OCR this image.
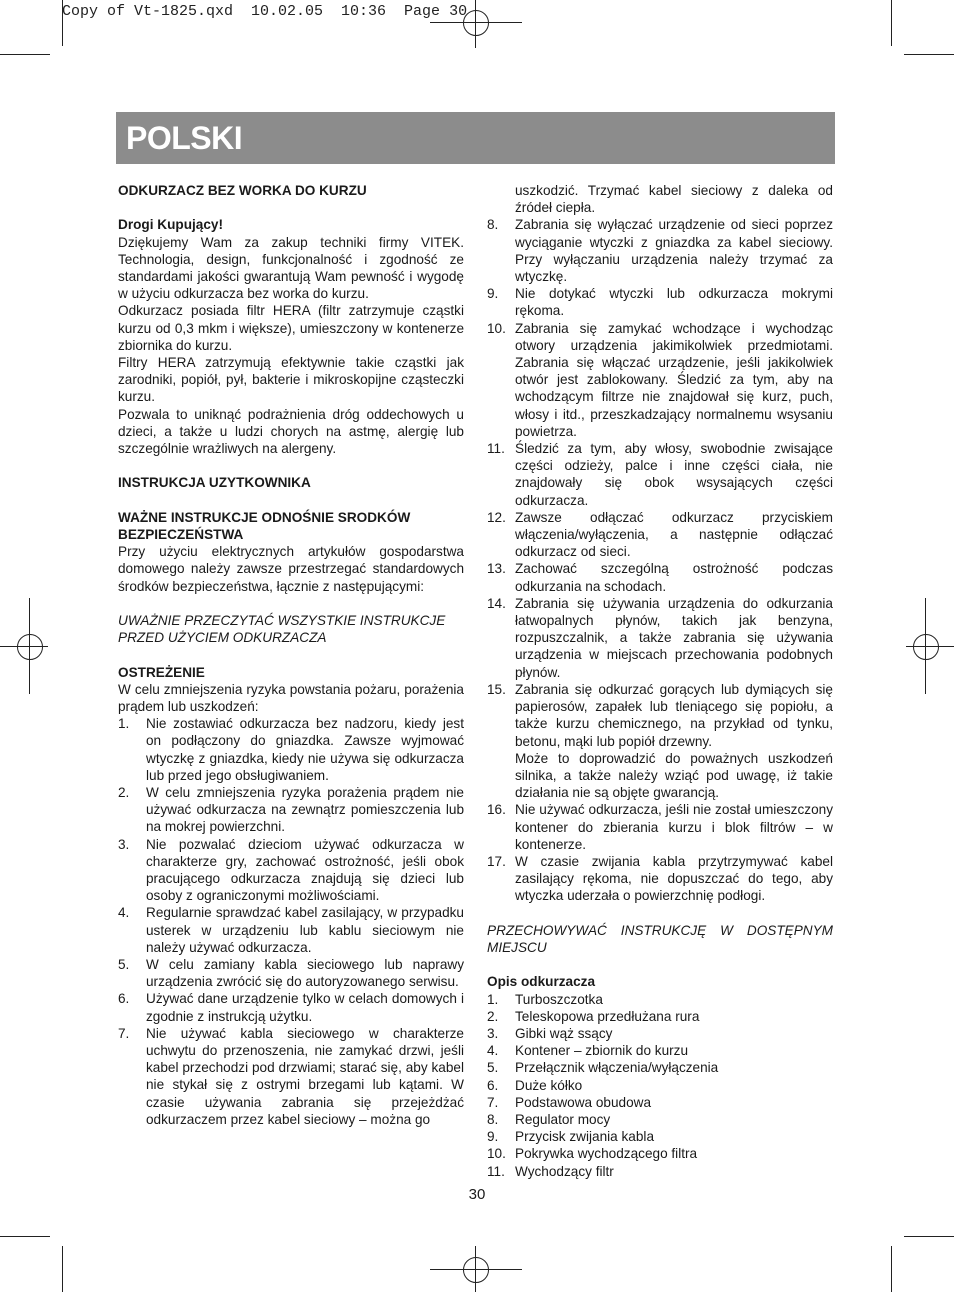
Copy of Vt-1825.qxd  10.02.05  10:36  Page 30
POLSKI

ODKURZACZ BEZ WORKA DO KURZU

Drogi Kupujący!

Dziękujemy Wam za zakup techniki firmy VITEK. Technologia, design, funkcjonalność i zgodność ze standardami jakości gwarantują Wam pewność i wygodę w użyciu odkurzacza bez worka do kurzu.

Odkurzacz posiada filtr HERA (filtr zatrzymuje cząstki kurzu od 0,3 mkm i większe), umieszczony w kontenerze zbiornika do kurzu.

Filtry HERA zatrzymują efektywnie takie cząstki jak zarodniki, popiół, pył, bakterie i mikroskopijne cząsteczki kurzu.

Pozwala to uniknąć podrażnienia dróg oddechowych u dzieci, a także u ludzi chorych na astmę, alergię lub szczególnie wrażliwych na alergeny.

INSTRUKCJA UZYTKOWNIKA

WAŻNE INSTRUKCJE ODNOŚNIE SRODKÓW BEZPIECZEŃSTWA

Przy użyciu elektrycznych artykułów gospodarstwa domowego należy zawsze przestrzegać standardowych środków bezpieczeństwa, łącznie z następującymi:

UWAŻNIE PRZECZYTAĆ WSZYSTKIE INSTRUKCJE PRZED UŻYCIEM ODKURZACZA

OSTREŻENIE

W celu zmniejszenia ryzyka powstania pożaru, porażenia prądem lub uszkodzeń:

1. Nie zostawiać odkurzacza bez nadzoru, kiedy jest on podłączony do gniazdka. Zawsze wyjmować wtyczkę z gniazdka, kiedy nie używa się odkurzacza lub przed jego obsługiwaniem.
2. W celu zmniejszenia ryzyka porażenia prądem nie używać odkurzacza na zewnątrz pomieszczenia lub na mokrej powierzchni.
3. Nie pozwalać dzieciom używać odkurzacza w charakterze gry, zachować ostrożność, jeśli obok pracującego odkurzacza znajdują się dzieci lub osoby z ograniczonymi możliwościami.
4. Regularnie sprawdzać kabel zasilający, w przypadku usterek w urządzeniu lub kablu sieciowym nie należy używać odkurzacza.
5. W celu zamiany kabla sieciowego lub naprawy urządzenia zwrócić się do autoryzowanego serwisu.
6. Używać dane urządzenie tylko w celach domowych i zgodnie z instrukcją użytku.
7. Nie używać kabla sieciowego w charakterze uchwytu do przenoszenia, nie zamykać drzwi, jeśli kabel przechodzi pod drzwiami; starać się, aby kabel nie stykał się z ostrymi brzegami lub kątami. W czasie używania zabrania się przejeżdżać odkurzaczem przez kabel sieciowy – można go
uszkodzić. Trzymać kabel sieciowy z daleka od źródeł ciepła.
8. Zabrania się wyłączać urządzenie od sieci poprzez wyciąganie wtyczki z gniazdka za kabel sieciowy. Przy wyłączaniu urządzenia należy trzymać za wtyczkę.
9. Nie dotykać wtyczki lub odkurzacza mokrymi rękoma.
10. Zabrania się zamykać wchodzące i wychodząc otwory urządzenia jakimikolwiek przedmiotami. Zabrania się włączać urządzenie, jeśli jakikolwiek otwór jest zablokowany. Śledzić za tym, aby na wchodzącym filtrze nie znajdował się kurz, puch, włosy i itd., przeszkadzający normalnemu wsysaniu powietrza.
11. Śledzić za tym, aby włosy, swobodnie zwisające części odzieży, palce i inne części ciała, nie znajdowały się obok wsysających części odkurzacza.
12. Zawsze odłączać odkurzacz przyciskiem włączenia/wyłączenia, a następnie odłączać odkurzacz od sieci.
13. Zachować szczególną ostrożność podczas odkurzania na schodach.
14. Zabrania się używania urządzenia do odkurzania łatwopalnych płynów, takich jak benzyna, rozpuszczalnik, a także zabrania się używania urządzenia w miejscach przechowania podobnych płynów.
15. Zabrania się odkurzać gorących lub dymiących się papierosów, zapałek lub tleniącego się popiołu, a także kurzu chemicznego, na przykład od tynku, betonu, mąki lub popiół drzewny.
Może to doprowadzić do poważnych uszkodzeń silnika, a także należy wziąć pod uwagę, iż takie działania nie są objęte gwarancją.
16. Nie używać odkurzacza, jeśli nie został umieszczony kontener do zbierania kurzu i blok filtrów – w kontenerze.
17. W czasie zwijania kabla przytrzymywać kabel zasilający rękoma, nie dopuszczać do tego, aby wtyczka uderzała o powierzchnię podłogi.

PRZECHOWYWAĆ INSTRUKCJĘ W DOSTĘPNYM MIEJSCU

Opis odkurzacza

1. Turboszczotka
2. Teleskopowa przedłużana rura
3. Gibki wąż ssący
4. Kontener – zbiornik do kurzu
5. Przełącznik włączenia/wyłączenia
6. Duże kółko
7. Podstawowa obudowa
8. Regulator mocy
9. Przycisk zwijania kabla
10. Pokrywka wychodzącego filtra
11. Wychodzący filtr
30
